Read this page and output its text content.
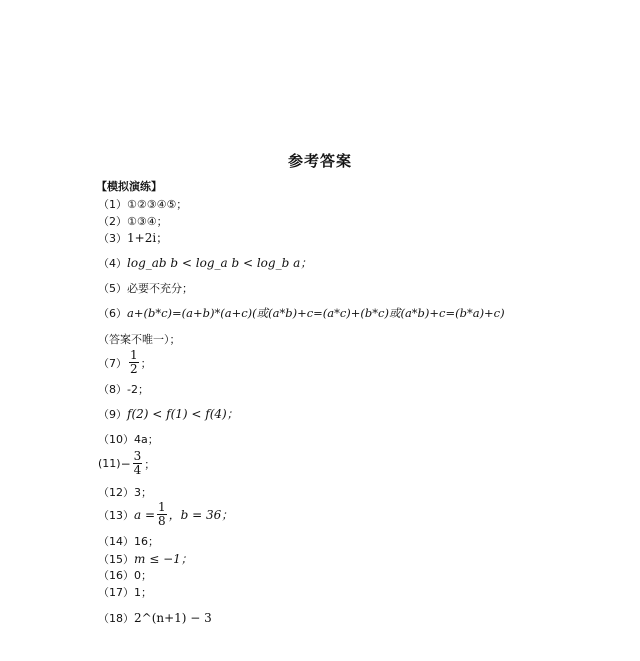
参考答案
【模拟演练】
（1） ①②③④⑤；
（2） ①③④；
（3） 1+2i；
（4） log_ab b < log_a b < log_b a；
（5） 必要不充分；
（6） a+(b*c)=(a+b)*(a+c)(或(a*b)+c=(a*c)+(b*c)或(a*b)+c=(b*a)+c)
（答案不唯一）；
$(7) \frac{1}{2}$ ；
（8） -2；
（9） f(2) < f(1) < f(4)；
（10） 4a；
$(11) - \frac{3}{4}$ ；
（12） 3；
（13） $a = \frac{1}{8}$ ，b = 36；
（14） 16；
（15） m ≤ −1；
（16） 0；
（17） 1；
（18） 2^(n+1) − 3
